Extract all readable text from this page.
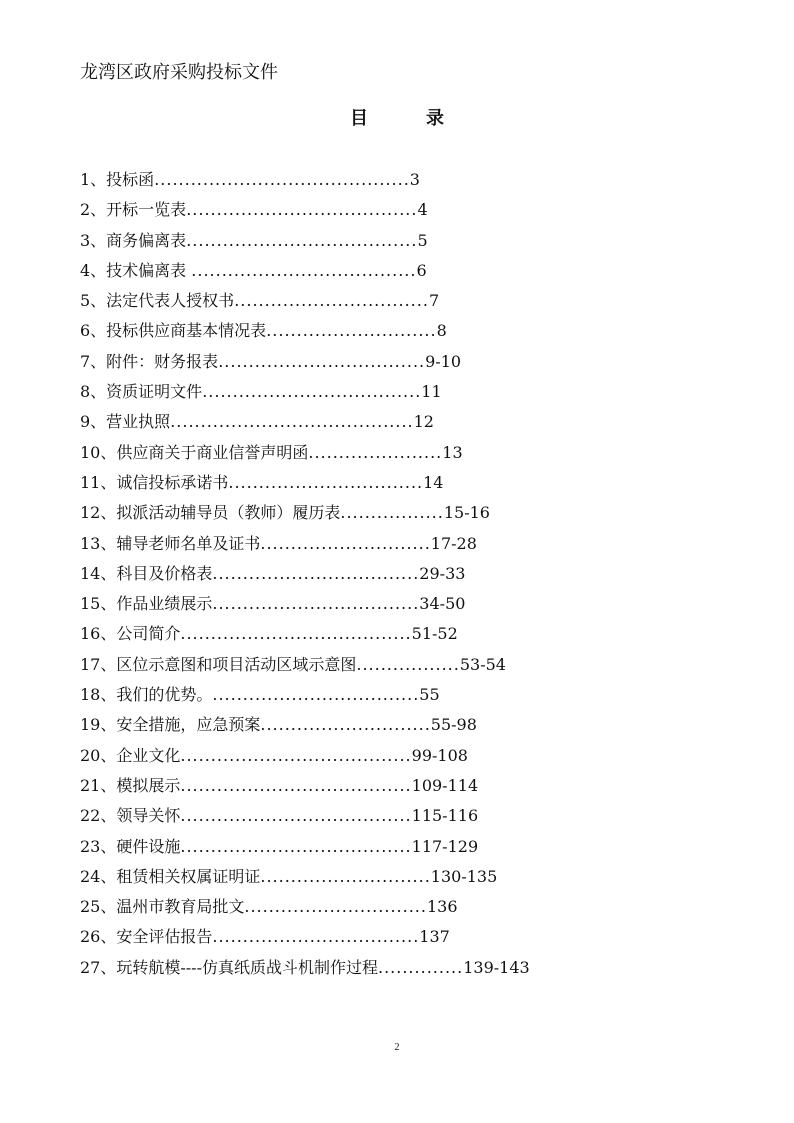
龙湾区政府采购投标文件
目	录
1、投标函..........................................3
2、开标一览表......................................4
3、商务偏离表......................................5
4、技术偏离表 .....................................6
5、法定代表人授权书................................7
6、投标供应商基本情况表............................8
7、附件：财务报表..................................9-10
8、资质证明文件....................................11
9、营业执照........................................12
10、供应商关于商业信誉声明函......................13
11、诚信投标承诺书................................14
12、拟派活动辅导员（教师）履历表.................15-16
13、辅导老师名单及证书............................17-28
14、科目及价格表..................................29-33
15、作品业绩展示..................................34-50
16、公司简介......................................51-52
17、区位示意图和项目活动区域示意图.................53-54
18、我们的优势。..................................55
19、安全措施，应急预案............................55-98
20、企业文化......................................99-108
21、模拟展示......................................109-114
22、领导关怀......................................115-116
23、硬件设施......................................117-129
24、租赁相关权属证明证............................130-135
25、温州市教育局批文..............................136
26、安全评估报告..................................137
27、玩转航模----仿真纸质战斗机制作过程..............139-143
2
